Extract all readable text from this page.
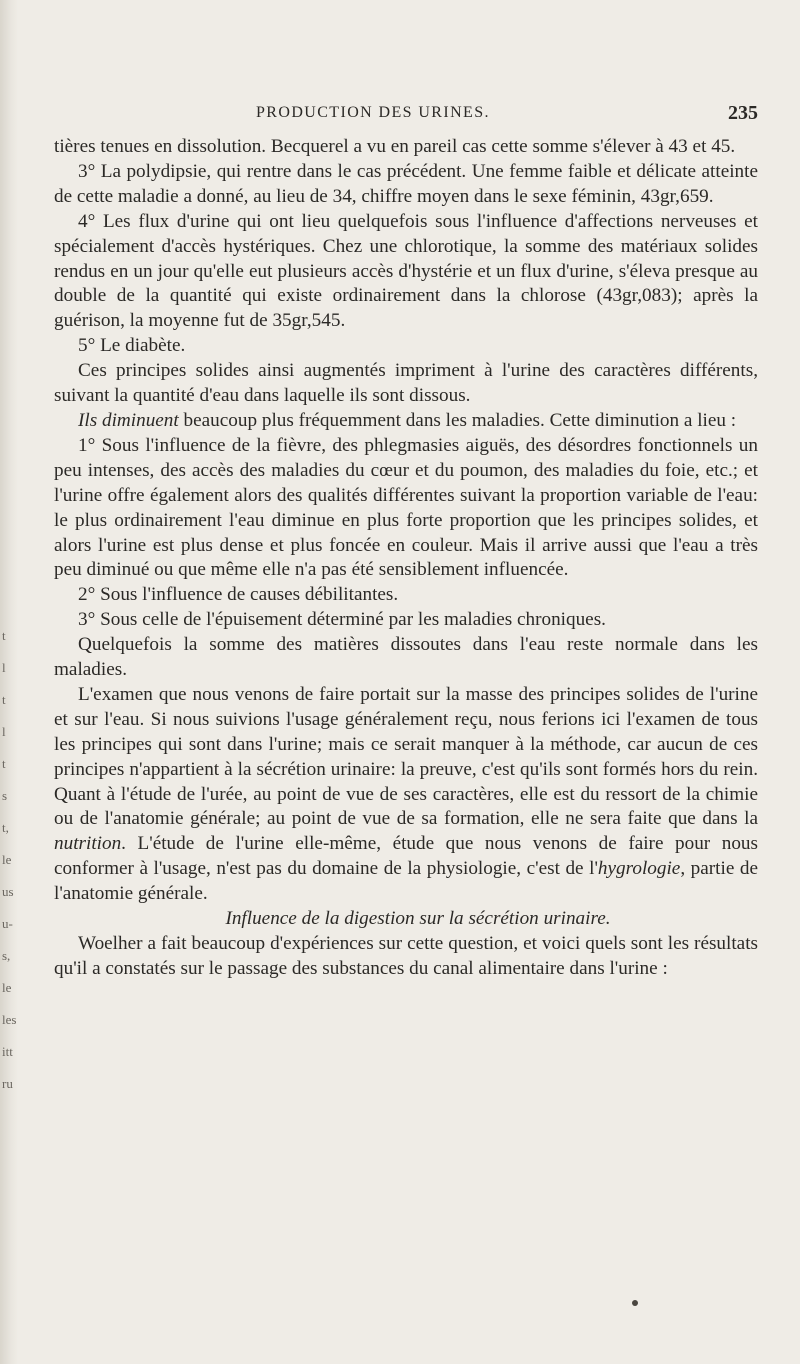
t
l
t
l
t
s
t,
le
us
u-
s,
le
les
itt
ru
PRODUCTION DES URINES.	235

tières tenues en dissolution. Becquerel a vu en pareil cas cette somme s'élever à 43 et 45.

3° La polydipsie, qui rentre dans le cas précédent. Une femme faible et délicate atteinte de cette maladie a donné, au lieu de 34, chiffre moyen dans le sexe féminin, 43gr,659.

4° Les flux d'urine qui ont lieu quelquefois sous l'influence d'affections nerveuses et spécialement d'accès hystériques. Chez une chlorotique, la somme des matériaux solides rendus en un jour qu'elle eut plusieurs accès d'hystérie et un flux d'urine, s'éleva presque au double de la quantité qui existe ordinairement dans la chlorose (43gr,083); après la guérison, la moyenne fut de 35gr,545.

5° Le diabète.

Ces principes solides ainsi augmentés impriment à l'urine des caractères différents, suivant la quantité d'eau dans laquelle ils sont dissous.

Ils diminuent beaucoup plus fréquemment dans les maladies. Cette diminution a lieu :

1° Sous l'influence de la fièvre, des phlegmasies aiguës, des désordres fonctionnels un peu intenses, des accès des maladies du cœur et du poumon, des maladies du foie, etc.; et l'urine offre également alors des qualités différentes suivant la proportion variable de l'eau: le plus ordinairement l'eau diminue en plus forte proportion que les principes solides, et alors l'urine est plus dense et plus foncée en couleur. Mais il arrive aussi que l'eau a très peu diminué ou que même elle n'a pas été sensiblement influencée.

2° Sous l'influence de causes débilitantes.

3° Sous celle de l'épuisement déterminé par les maladies chroniques.

Quelquefois la somme des matières dissoutes dans l'eau reste normale dans les maladies.

L'examen que nous venons de faire portait sur la masse des principes solides de l'urine et sur l'eau. Si nous suivions l'usage généralement reçu, nous ferions ici l'examen de tous les principes qui sont dans l'urine; mais ce serait manquer à la méthode, car aucun de ces principes n'appartient à la sécrétion urinaire: la preuve, c'est qu'ils sont formés hors du rein. Quant à l'étude de l'urée, au point de vue de ses caractères, elle est du ressort de la chimie ou de l'anatomie générale; au point de vue de sa formation, elle ne sera faite que dans la nutrition. L'étude de l'urine elle-même, étude que nous venons de faire pour nous conformer à l'usage, n'est pas du domaine de la physiologie, c'est de l'hygrologie, partie de l'anatomie générale.

Influence de la digestion sur la sécrétion urinaire.

Woelher a fait beaucoup d'expériences sur cette question, et voici quels sont les résultats qu'il a constatés sur le passage des substances du canal alimentaire dans l'urine :
